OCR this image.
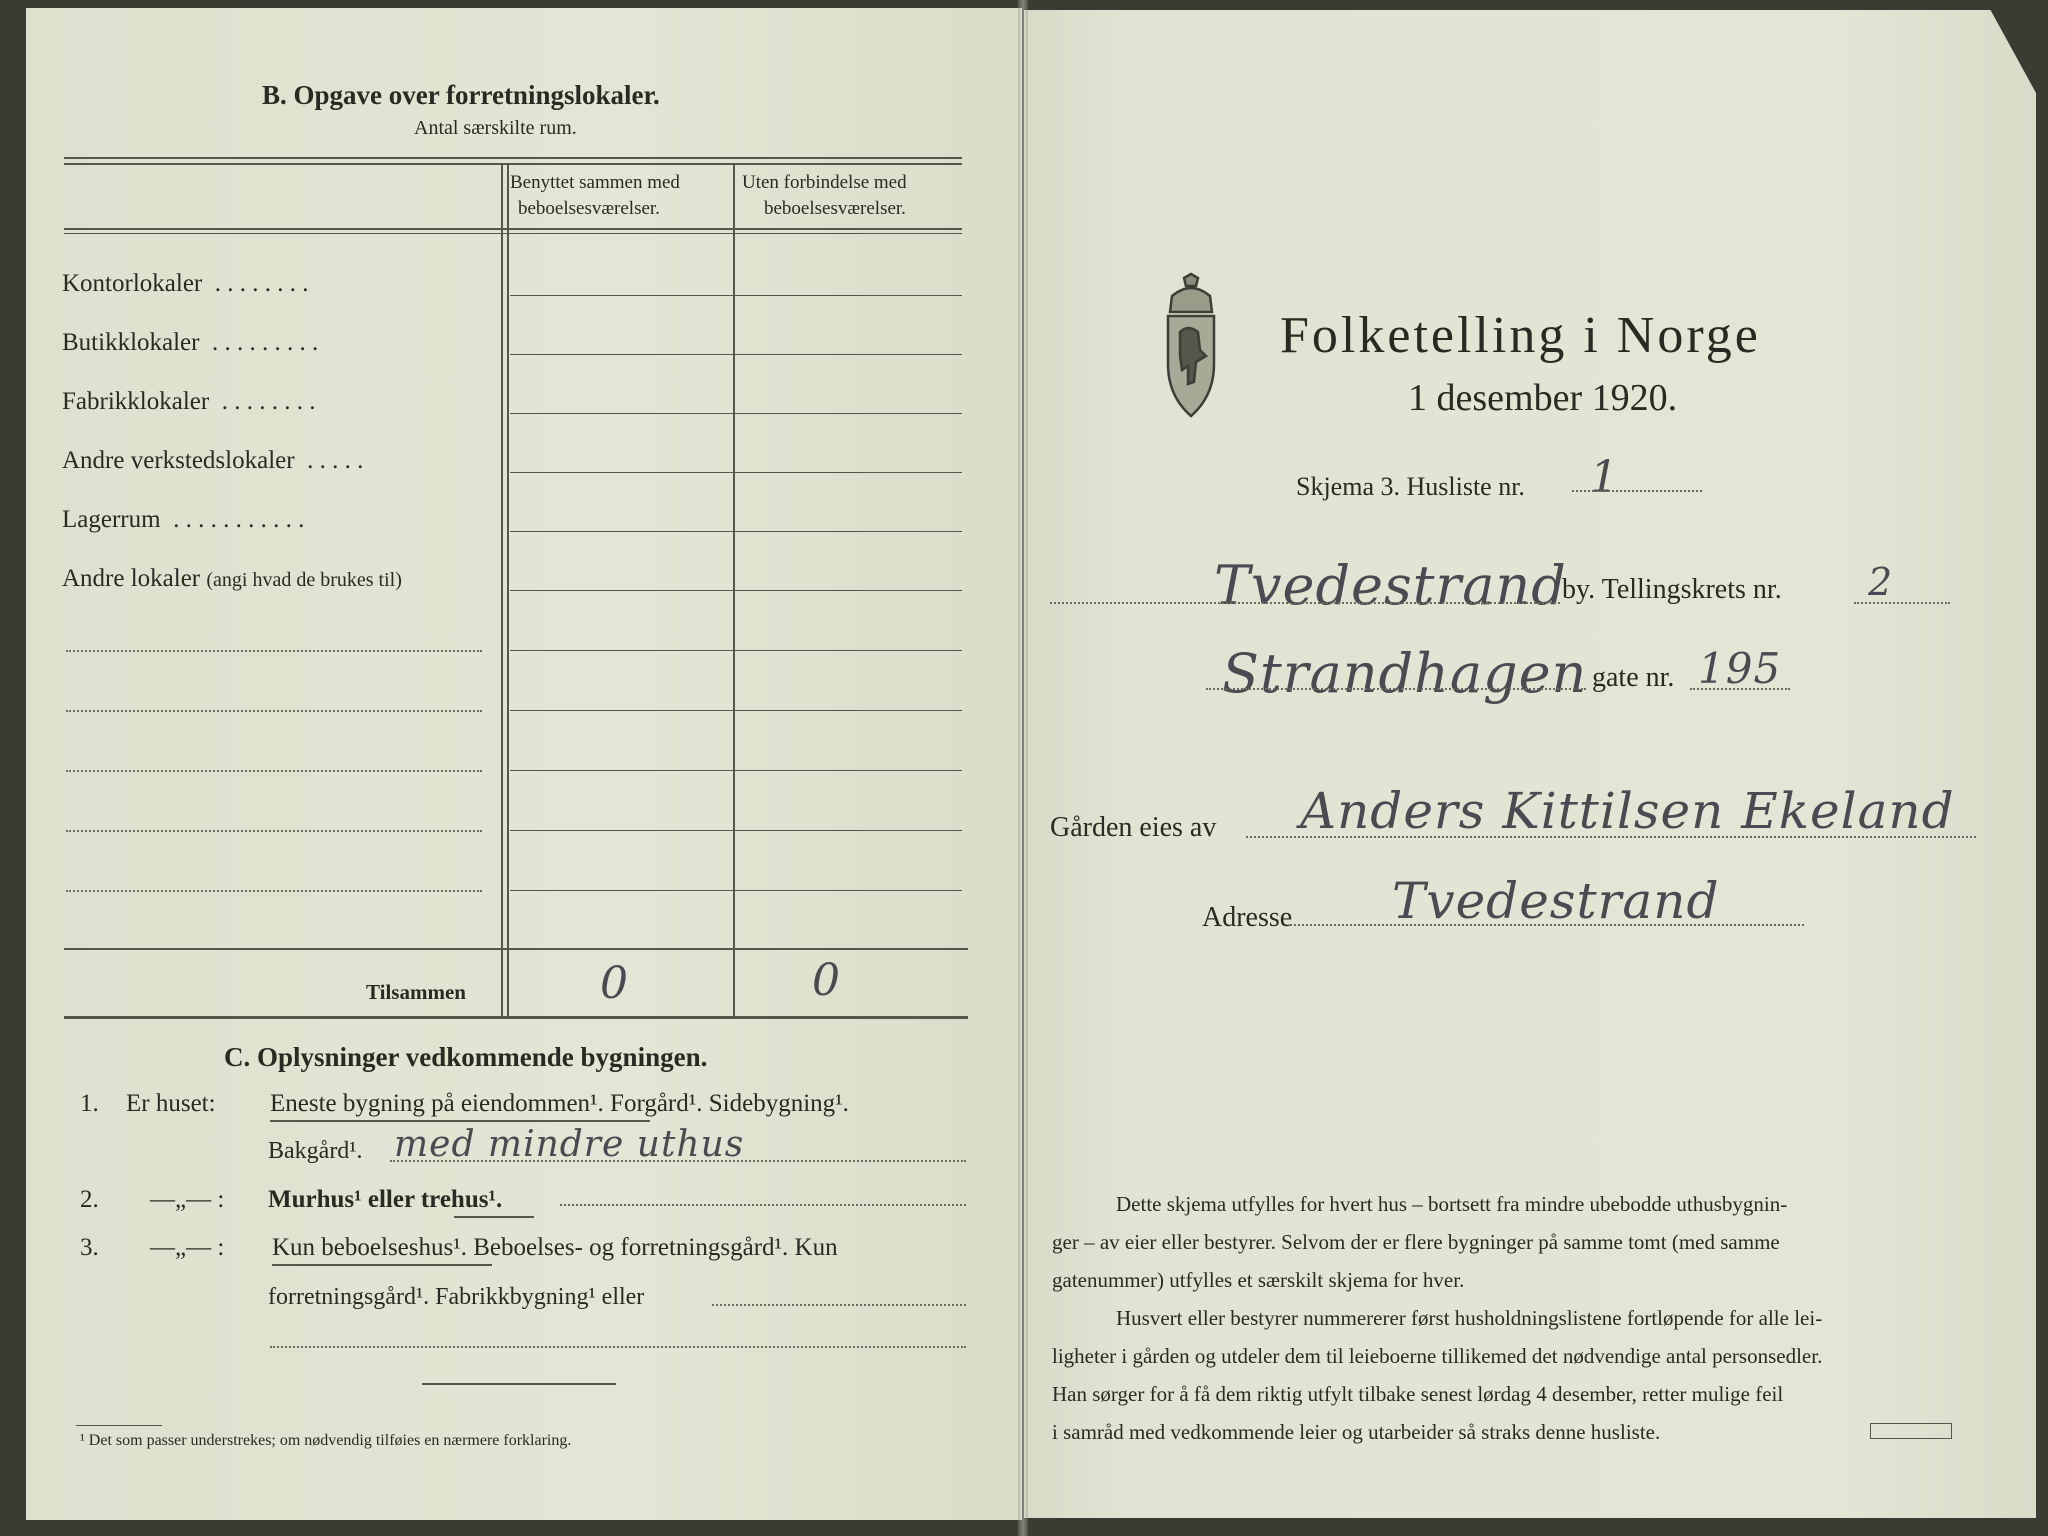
B. Opgave over forretningslokaler.
Antal særskilte rum.
Benyttet sammen med
beboelsesværelser.
Uten forbindelse med
beboelsesværelser.
Kontorlokaler . . . . . . . .
Butikklokaler . . . . . . . . .
Fabrikklokaler . . . . . . . .
Andre verkstedslokaler . . . . .
Lagerrum . . . . . . . . . . .
Andre lokaler (angi hvad de brukes til)
Tilsammen	0	0
C. Oplysninger vedkommende bygningen.
1. Er huset: Eneste bygning på eiendommen¹. Forgård¹. Sidebygning¹.
Bakgård¹. med mindre uthus
2. —„— : Murhus¹ eller trehus¹.
3. —„— : Kun beboelseshus¹. Beboelses- og forretningsgård¹. Kun
forretningsgård¹. Fabrikkbygning¹ eller
¹ Det som passer understrekes; om nødvendig tilføies en nærmere forklaring.
Folketelling i Norge
1 desember 1920.
Skjema 3. Husliste nr. 1
Tvedestrand
by. Tellingskrets nr. 2
Strandhagen gate nr. 195
Gården eies av Anders Kittilsen Ekeland
Adresse Tvedestrand
Dette skjema utfylles for hvert hus – bortsett fra mindre ubebodde uthusbygnin-
ger – av eier eller bestyrer. Selvom der er flere bygninger på samme tomt (med samme
gatenummer) utfylles et særskilt skjema for hver.
Husvert eller bestyrer nummererer først husholdningslistene fortløpende for alle lei-
ligheter i gården og utdeler dem til leieboerne tillikemed det nødvendige antal personsedler.
Han sørger for å få dem riktig utfylt tilbake senest lørdag 4 desember, retter mulige feil
i samråd med vedkommende leier og utarbeider så straks denne husliste.
